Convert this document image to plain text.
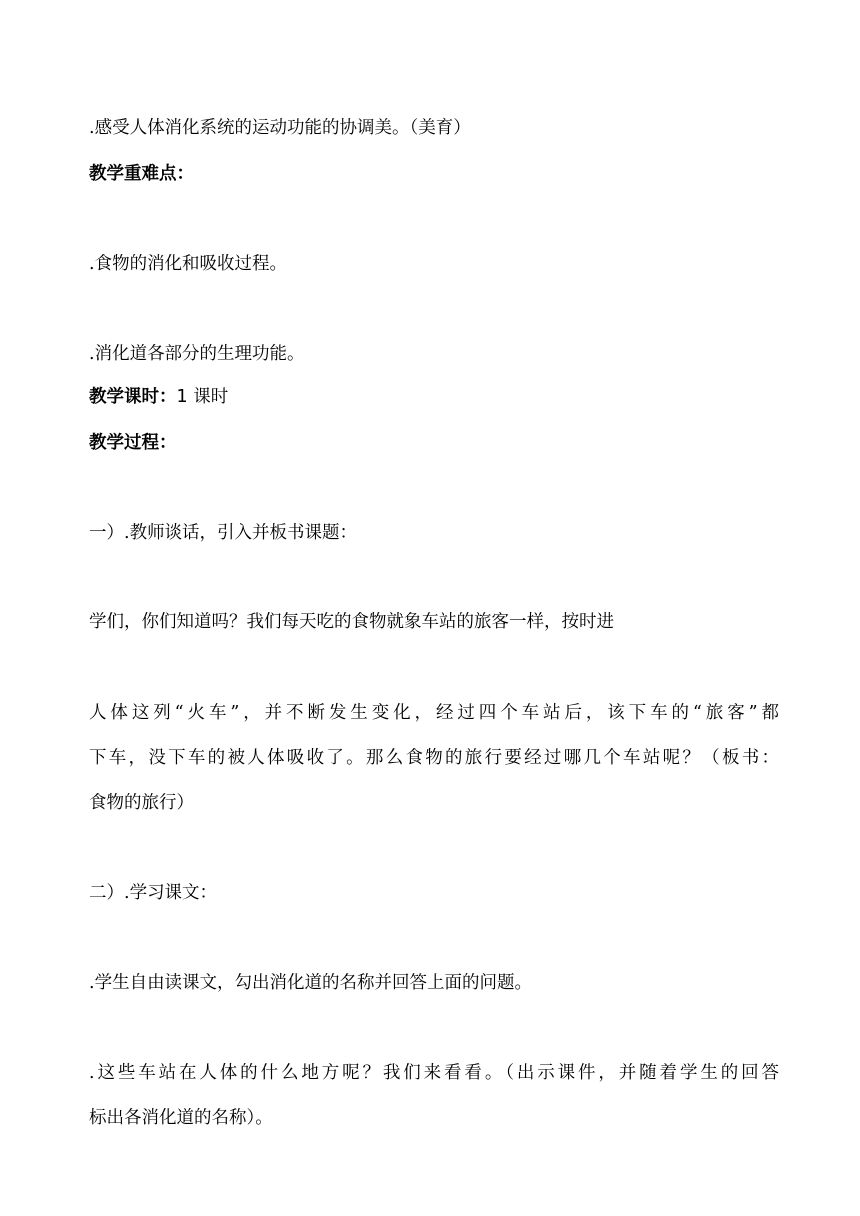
.感受人体消化系统的运动功能的协调美。（美育）
教学重难点：
.食物的消化和吸收过程。
.消化道各部分的生理功能。
教学课时：1 课时
教学过程：
一）.教师谈话，引入并板书课题：
学们，你们知道吗？我们每天吃的食物就象车站的旅客一样，按时进
人体这列“火车”，并不断发生变化，经过四个车站后，该下车的“旅客”都
下车，没下车的被人体吸收了。那么食物的旅行要经过哪几个车站呢？（板书：
食物的旅行）
二）.学习课文：
.学生自由读课文，勾出消化道的名称并回答上面的问题。
.这些车站在人体的什么地方呢？我们来看看。（出示课件，并随着学生的回答
标出各消化道的名称）。
